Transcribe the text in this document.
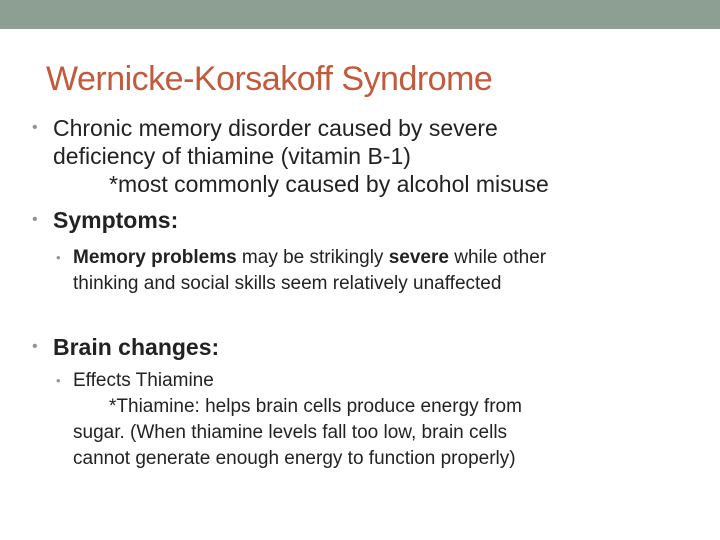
Wernicke-Korsakoff Syndrome
• Chronic memory disorder caused by severe
deficiency of thiamine (vitamin B-1)
*most commonly caused by alcohol misuse
• Symptoms:
• Memory problems may be strikingly severe while other
thinking and social skills seem relatively unaffected
• Brain changes:
• Effects Thiamine
*Thiamine: helps brain cells produce energy from
sugar. (When thiamine levels fall too low, brain cells
cannot generate enough energy to function properly)
